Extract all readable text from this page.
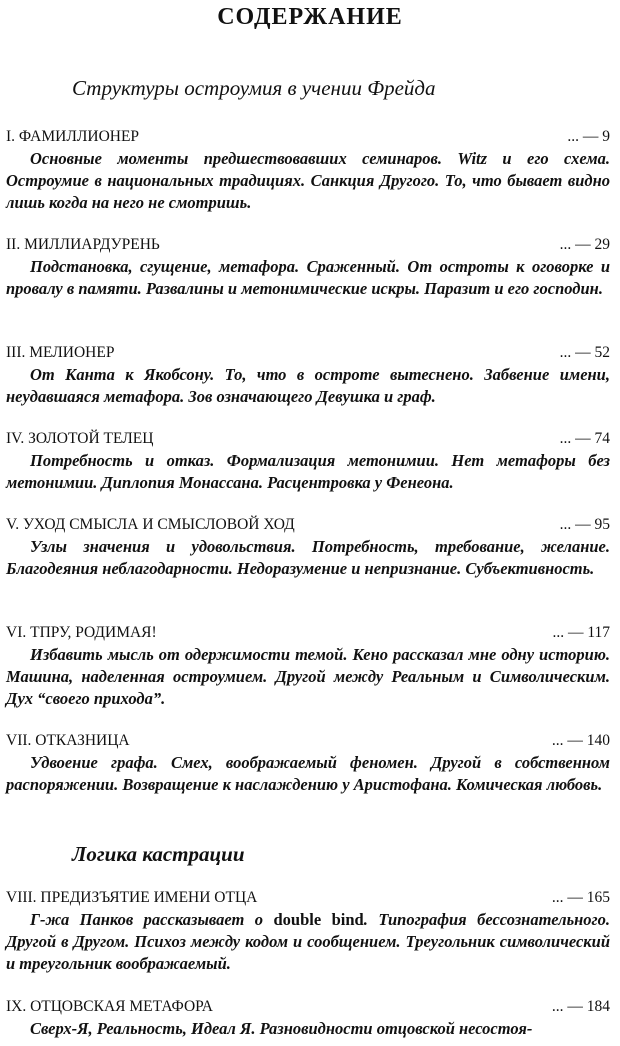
СОДЕРЖАНИЕ
Структуры остроумия в учении Фрейда
I. ФАМИЛЛИОНЕР	... — 9
Основные моменты предшествовавших семинаров. Witz и его схема. Остроумие в национальных традициях. Санкция Другого. То, что бывает видно лишь когда на него не смотришь.
II. МИЛЛИАРДУРЕНЬ	... — 29
Подстановка, сгущение, метафора. Сраженный. От остроты к оговорке и провалу в памяти. Развалины и метонимические искры. Паразит и его господин.
III. МЕЛИОНЕР	... — 52
От Канта к Якобсону. То, что в остроте вытеснено. Забвение имени, неудавшаяся метафора. Зов означающего Девушка и граф.
IV. ЗОЛОТОЙ ТЕЛЕЦ	... — 74
Потребность и отказ. Формализация метонимии. Нет метафоры без метонимии. Диплопия Монассана. Расцентровка у Фенеона.
V. УХОД СМЫСЛА И СМЫСЛОВОЙ ХОД	... — 95
Узлы значения и удовольствия. Потребность, требование, желание. Благодеяния неблагодарности. Недоразумение и непризнание. Субъективность.
VI. ТПРУ, РОДИМАЯ!	... — 117
Избавить мысль от одержимости темой. Кено рассказал мне одну историю. Машина, наделенная остроумием. Другой между Реальным и Символическим. Дух “своего прихода”.
VII. ОТКАЗНИЦА	... — 140
Удвоение графа. Смех, воображаемый феномен. Другой в собственном распоряжении. Возвращение к наслаждению у Аристофана. Комическая любовь.
Логика кастрации
VIII. ПРЕДИЗЪЯТИЕ ИМЕНИ ОТЦА	... — 165
Г-жа Панков рассказывает о double bind. Типография бессознательного. Другой в Другом. Психоз между кодом и сообщением. Треугольник символический и треугольник воображаемый.
IX. ОТЦОВСКАЯ МЕТАФОРА	... — 184
Сверх-Я, Реальность, Идеал Я. Разновидности отцовской несостоя-
